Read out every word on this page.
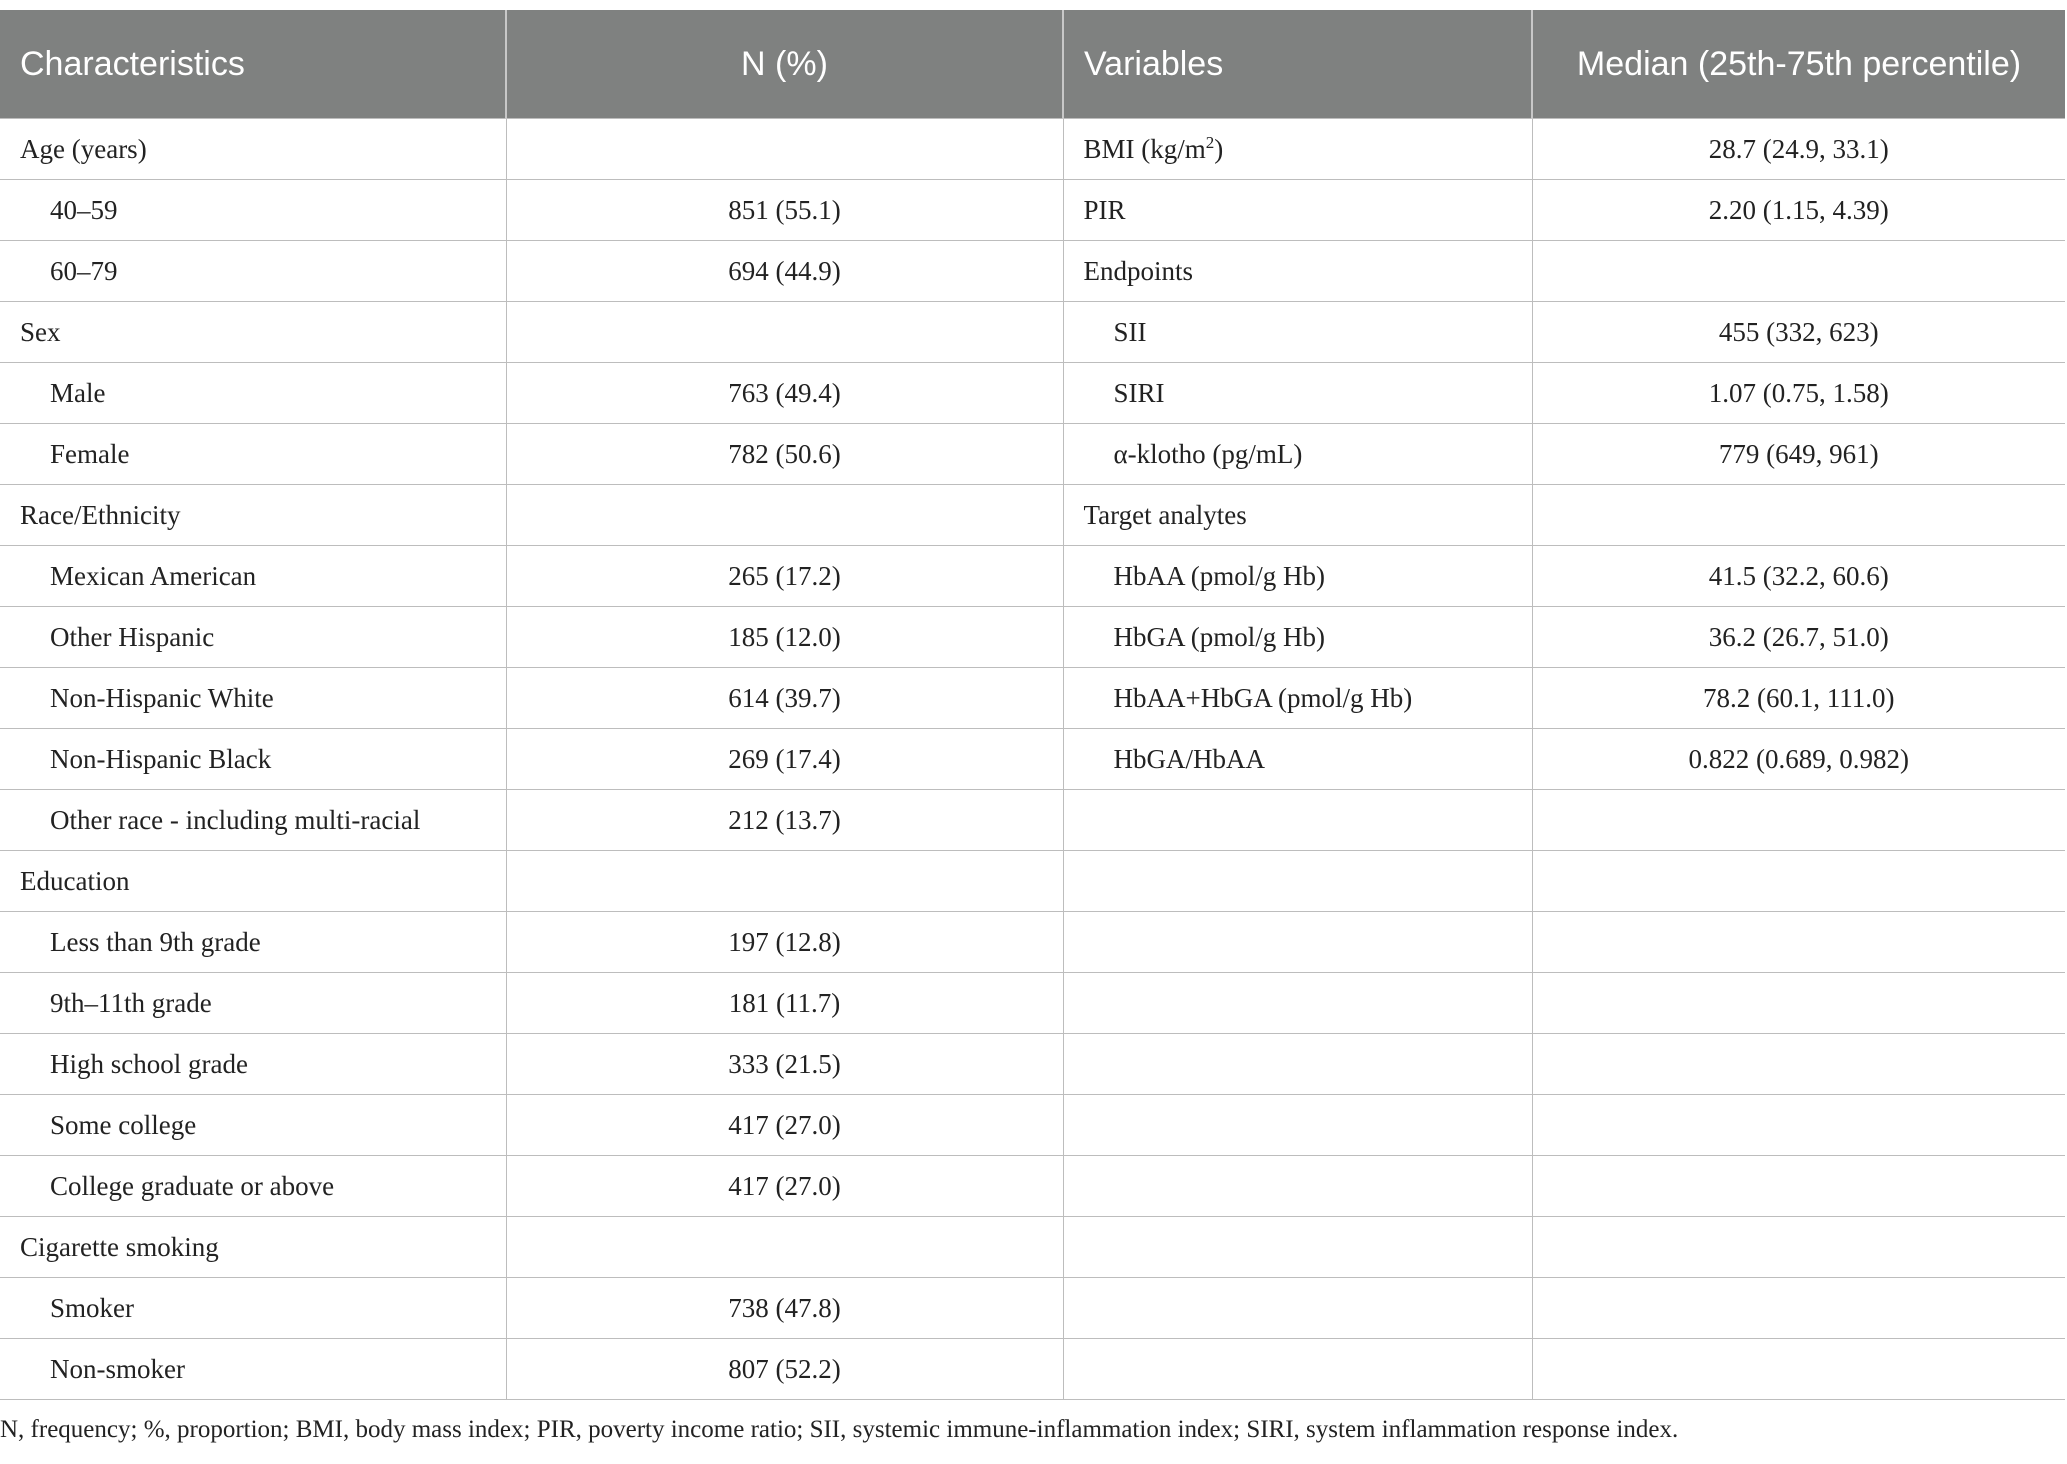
Characteristics	N (%)	Variables	Median (25th-75th percentile)
Age (years)		BMI $(kg/m^2)$	28.7 (24.9, 33.1)
40–59	851 (55.1)	PIR	2.20 (1.15, 4.39)
60–79	694 (44.9)	Endpoints	
Sex		SII	455 (332, 623)
Male	763 (49.4)	SIRI	1.07 (0.75, 1.58)
Female	782 (50.6)	α-klotho (pg/mL)	779 (649, 961)
Race/Ethnicity		Target analytes	
Mexican American	265 (17.2)	HbAA (pmol/g Hb)	41.5 (32.2, 60.6)
Other Hispanic	185 (12.0)	HbGA (pmol/g Hb)	36.2 (26.7, 51.0)
Non-Hispanic White	614 (39.7)	HbAA+HbGA (pmol/g Hb)	78.2 (60.1, 111.0)
Non-Hispanic Black	269 (17.4)	HbGA/HbAA	0.822 (0.689, 0.982)
Other race - including multi-racial	212 (13.7)		
Education			
Less than 9th grade	197 (12.8)		
9th–11th grade	181 (11.7)		
High school grade	333 (21.5)		
Some college	417 (27.0)		
College graduate or above	417 (27.0)		
Cigarette smoking			
Smoker	738 (47.8)		
Non-smoker	807 (52.2)		
N, frequency; %, proportion; BMI, body mass index; PIR, poverty income ratio; SII, systemic immune-inflammation index; SIRI, system inflammation response index.
